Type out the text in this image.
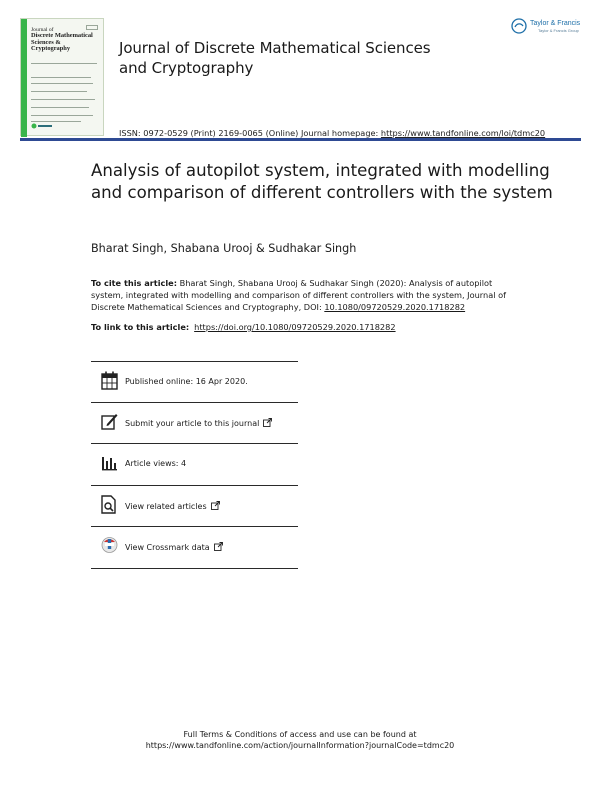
Journal of
Discrete Mathematical
Sciences & Cryptography	Journal of Discrete Mathematical Sciences and Cryptography
Taylor & Francis
Taylor & Francis Group
ISSN: 0972-0529 (Print) 2169-0065 (Online) Journal homepage: https://www.tandfonline.com/loi/tdmc20
Analysis of autopilot system, integrated with modelling and comparison of different controllers with the system
Bharat Singh, Shabana Urooj & Sudhakar Singh
To cite this article: Bharat Singh, Shabana Urooj & Sudhakar Singh (2020): Analysis of autopilot system, integrated with modelling and comparison of different controllers with the system, Journal of Discrete Mathematical Sciences and Cryptography, DOI: 10.1080/09720529.2020.1718282
To link to this article: https://doi.org/10.1080/09720529.2020.1718282
Published online: 16 Apr 2020.
Submit your article to this journal
Article views: 4
View related articles
View Crossmark data
Full Terms & Conditions of access and use can be found at
https://www.tandfonline.com/action/journalInformation?journalCode=tdmc20
